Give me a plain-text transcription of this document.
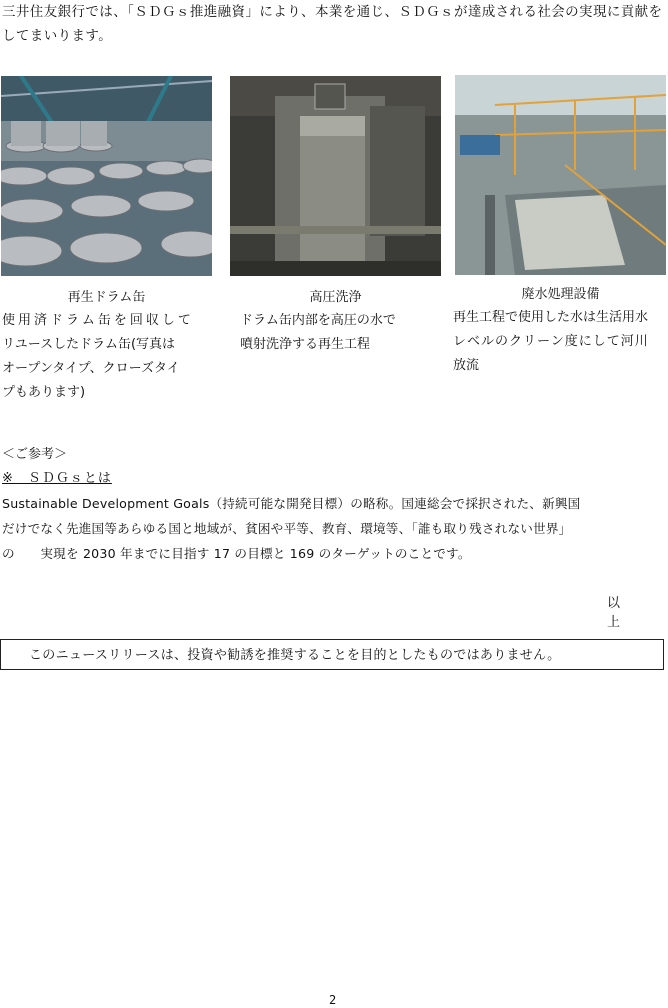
三井住友銀行では、「ＳＤＧｓ推進融資」により、本業を通じ、ＳＤＧｓが達成される社会の実現に貢献をしてまいります。
再生ドラム缶
使用済ドラム缶を回収して
リユースしたドラム缶(写真は
オープンタイプ、クローズタイ
プもあります)
高圧洗浄
ドラム缶内部を高圧の水で
噴射洗浄する再生工程
廃水処理設備
再生工程で使用した水は生活用水
レベルのクリーン度にして河川
放流
＜ご参考＞
※　ＳＤＧｓとは
Sustainable Development Goals（持続可能な開発目標）の略称。国連総会で採択された、新興国
だけでなく先進国等あらゆる国と地域が、貧困や平等、教育、環境等、「誰も取り残されない世界」
の　　実現を 2030 年までに目指す 17 の目標と 169 のターゲットのことです。
以上
このニュースリリースは、投資や勧誘を推奨することを目的としたものではありません。
2
